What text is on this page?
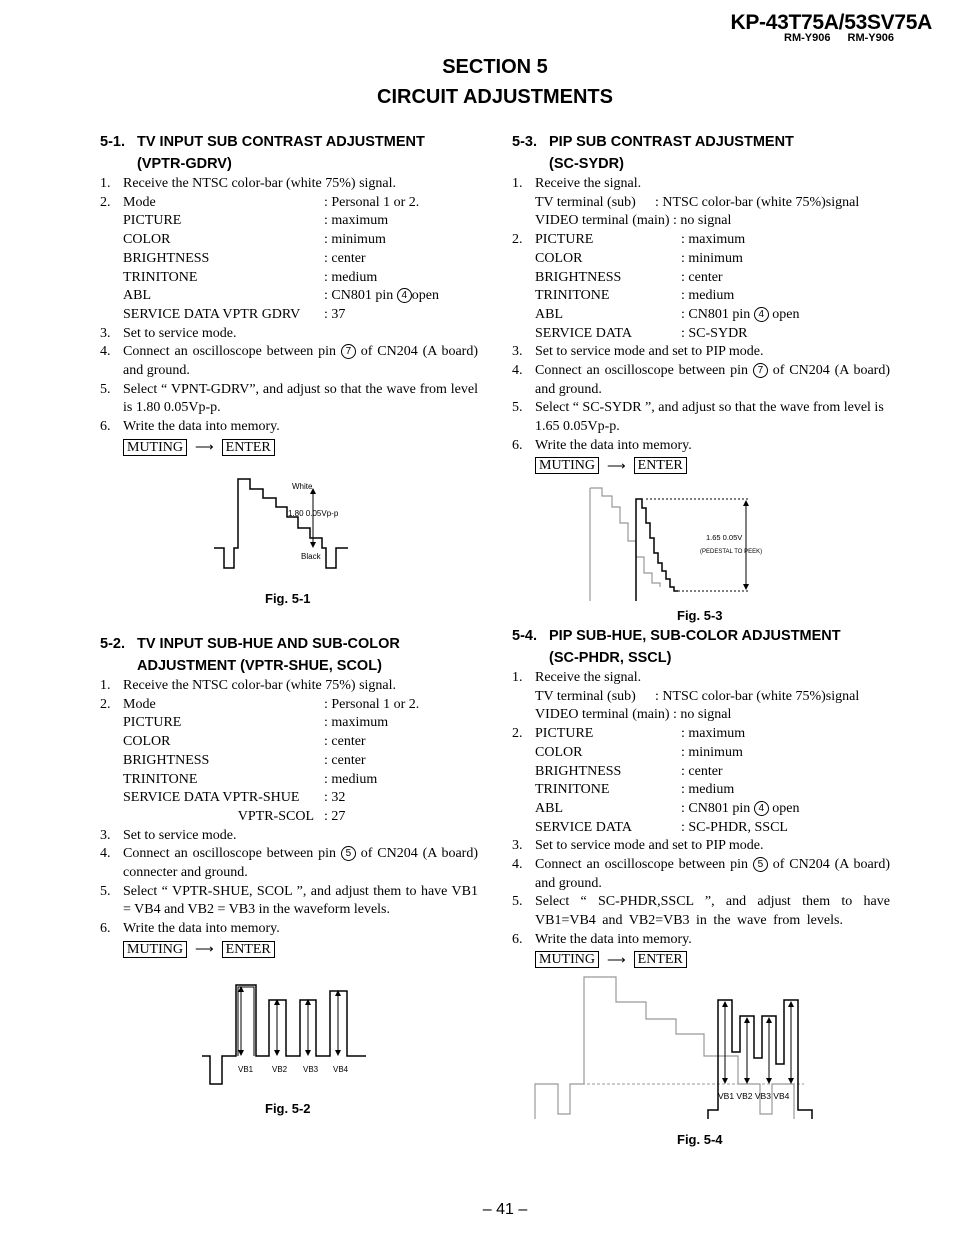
KP-43T75A/53SV75A
RM-Y906 RM-Y906
SECTION 5
CIRCUIT ADJUSTMENTS
5-1. TV INPUT SUB CONTRAST ADJUSTMENT
(VPTR-GDRV)
1. Receive the NTSC color-bar (white 75%) signal.
2. Mode	: Personal 1 or 2.
PICTURE	: maximum
COLOR	: minimum
BRIGHTNESS	: center
TRINITONE	: medium
ABL	: CN801 pin 4 open
SERVICE DATA VPTR GDRV	: 37
3. Set to service mode.
4. Connect an oscilloscope between pin 7 of CN204 (A board) and ground.
5. Select “ VPNT-GDRV”, and adjust so that the wave from level is 1.80 0.05Vp-p.
6. Write the data into memory.
MUTING ⟶ ENTER
White
1.80 0.05Vp-p
Black
Fig. 5-1
5-2. TV INPUT SUB-HUE AND SUB-COLOR
ADJUSTMENT (VPTR-SHUE, SCOL)
1. Receive the NTSC color-bar (white 75%) signal.
2. Mode	: Personal 1 or 2.
PICTURE	: maximum
COLOR	: center
BRIGHTNESS	: center
TRINITONE	: medium
SERVICE DATA VPTR-SHUE	: 32
VPTR-SCOL : 27
3. Set to service mode.
4. Connect an oscilloscope between pin 5 of CN204 (A board) connecter and ground.
5. Select “ VPTR-SHUE, SCOL ”, and adjust them to have VB1 = VB4 and VB2 = VB3 in the waveform levels.
6. Write the data into memory.
MUTING ⟶ ENTER
VB1 VB2 VB3 VB4
Fig. 5-2
5-3. PIP SUB CONTRAST ADJUSTMENT
(SC-SYDR)
1. Receive the signal.
TV terminal (sub)	: NTSC color-bar (white 75%)signal
VIDEO terminal (main) : no signal
2. PICTURE	: maximum
COLOR	: minimum
BRIGHTNESS	: center
TRINITONE	: medium
ABL	: CN801 pin 4 open
SERVICE DATA	: SC-SYDR
3. Set to service mode and set to PIP mode.
4. Connect an oscilloscope between pin 7 of CN204 (A board) and ground.
5. Select “ SC-SYDR ”, and adjust so that the wave from level is 1.65 0.05Vp-p.
6. Write the data into memory.
MUTING ⟶ ENTER
1.65 0.05V
(PEDESTAL TO PEEK)
Fig. 5-3
5-4. PIP SUB-HUE, SUB-COLOR ADJUSTMENT
(SC-PHDR, SSCL)
1. Receive the signal.
TV terminal (sub)	: NTSC color-bar (white 75%)signal
VIDEO terminal (main) : no signal
2. PICTURE	: maximum
COLOR	: minimum
BRIGHTNESS	: center
TRINITONE	: medium
ABL	: CN801 pin 4 open
SERVICE DATA	: SC-PHDR, SSCL
3. Set to service mode and set to PIP mode.
4. Connect an oscilloscope between pin 5 of CN204 (A board) and ground.
5. Select “ SC-PHDR,SSCL ”, and adjust them to have VB1=VB4 and VB2=VB3 in the wave from levels.
6. Write the data into memory.
MUTING ⟶ ENTER
VB1 VB2 VB3 VB4
Fig. 5-4
– 41 –
